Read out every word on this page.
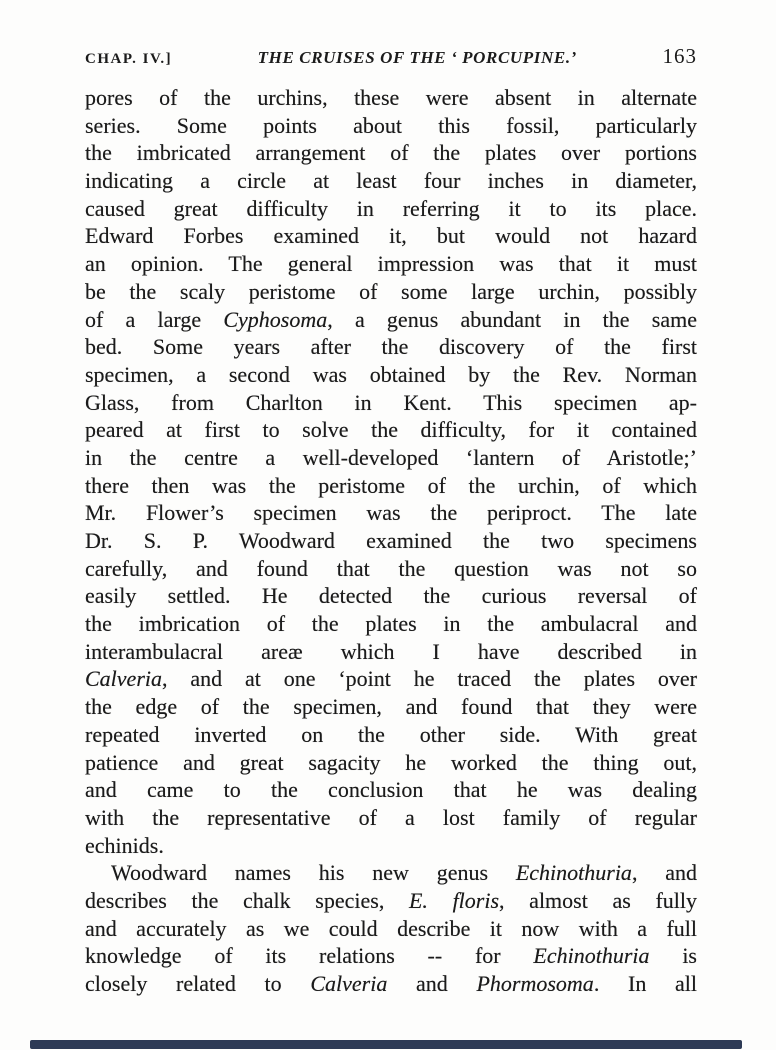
CHAP. IV.]	THE CRUISES OF THE ‘ PORCUPINE.’	163
pores of the urchins, these were absent in alternate
series. Some points about this fossil, particularly
the imbricated arrangement of the plates over portions
indicating a circle at least four inches in diameter,
caused great difficulty in referring it to its place.
Edward Forbes examined it, but would not hazard
an opinion. The general impression was that it must
be the scaly peristome of some large urchin, possibly
of a large Cyphosoma, a genus abundant in the same
bed. Some years after the discovery of the first
specimen, a second was obtained by the Rev. Norman
Glass, from Charlton in Kent. This specimen ap-
peared at first to solve the difficulty, for it contained
in the centre a well-developed ‘lantern of Aristotle;’
there then was the peristome of the urchin, of which
Mr. Flower’s specimen was the periproct. The late
Dr. S. P. Woodward examined the two specimens
carefully, and found that the question was not so
easily settled. He detected the curious reversal of
the imbrication of the plates in the ambulacral and
interambulacral areæ which I have described in
Calveria, and at one ‘point he traced the plates over
the edge of the specimen, and found that they were
repeated inverted on the other side. With great
patience and great sagacity he worked the thing out,
and came to the conclusion that he was dealing
with the representative of a lost family of regular
echinids.
Woodward names his new genus Echinothuria, and
describes the chalk species, E. floris, almost as fully
and accurately as we could describe it now with a full
knowledge of its relations -- for Echinothuria is
closely related to Calveria and Phormosoma. In all
